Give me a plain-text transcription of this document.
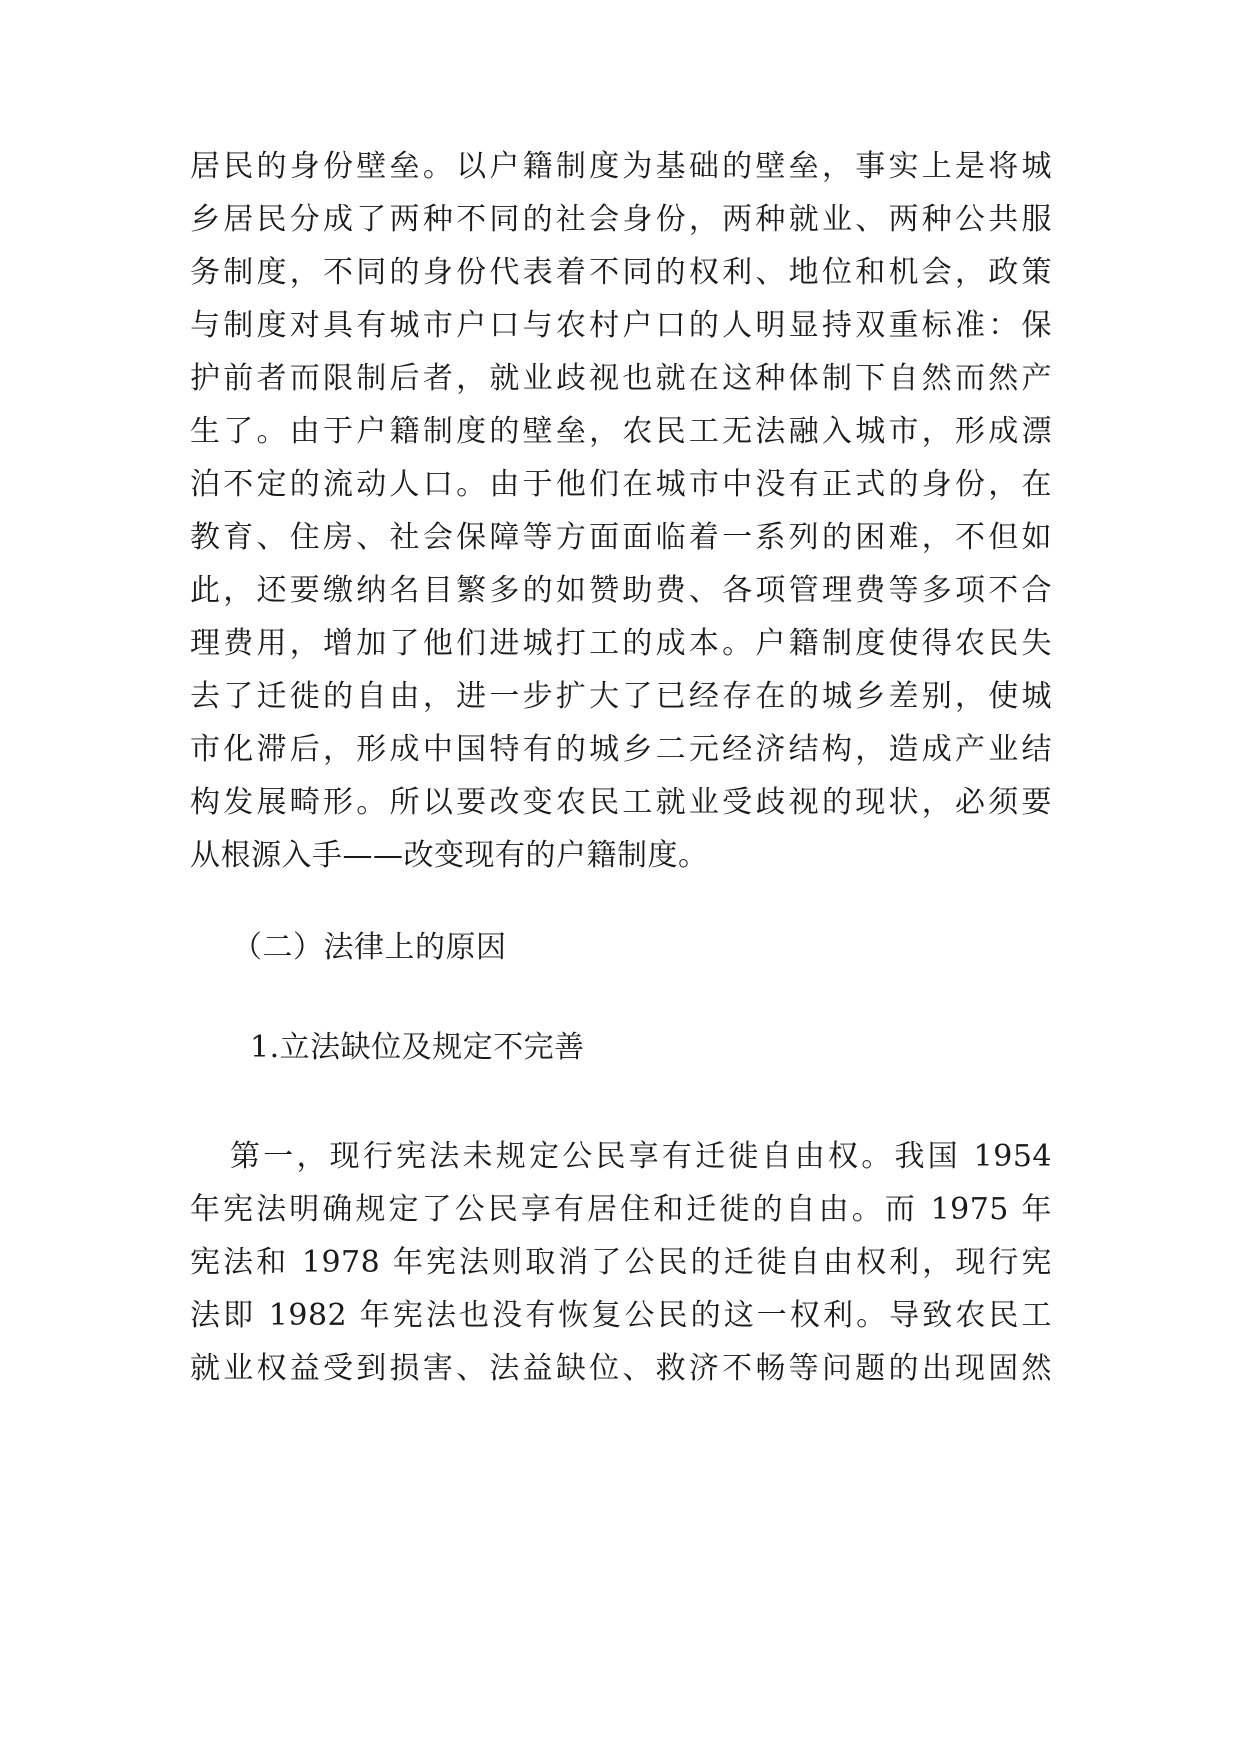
居民的身份壁垒。以户籍制度为基础的壁垒，事实上是将城
乡居民分成了两种不同的社会身份，两种就业、两种公共服
务制度，不同的身份代表着不同的权利、地位和机会，政策
与制度对具有城市户口与农村户口的人明显持双重标准：保
护前者而限制后者，就业歧视也就在这种体制下自然而然产
生了。由于户籍制度的壁垒，农民工无法融入城市，形成漂
泊不定的流动人口。由于他们在城市中没有正式的身份，在
教育、住房、社会保障等方面面临着一系列的困难，不但如
此，还要缴纳名目繁多的如赞助费、各项管理费等多项不合
理费用，增加了他们进城打工的成本。户籍制度使得农民失
去了迁徙的自由，进一步扩大了已经存在的城乡差别，使城
市化滞后，形成中国特有的城乡二元经济结构，造成产业结
构发展畸形。所以要改变农民工就业受歧视的现状，必须要
从根源入手——改变现有的户籍制度。
（二）法律上的原因
1.立法缺位及规定不完善
第一，现行宪法未规定公民享有迁徙自由权。我国 1954
年宪法明确规定了公民享有居住和迁徙的自由。而 1975 年
宪法和 1978 年宪法则取消了公民的迁徙自由权利，现行宪
法即 1982 年宪法也没有恢复公民的这一权利。导致农民工
就业权益受到损害、法益缺位、救济不畅等问题的出现固然
